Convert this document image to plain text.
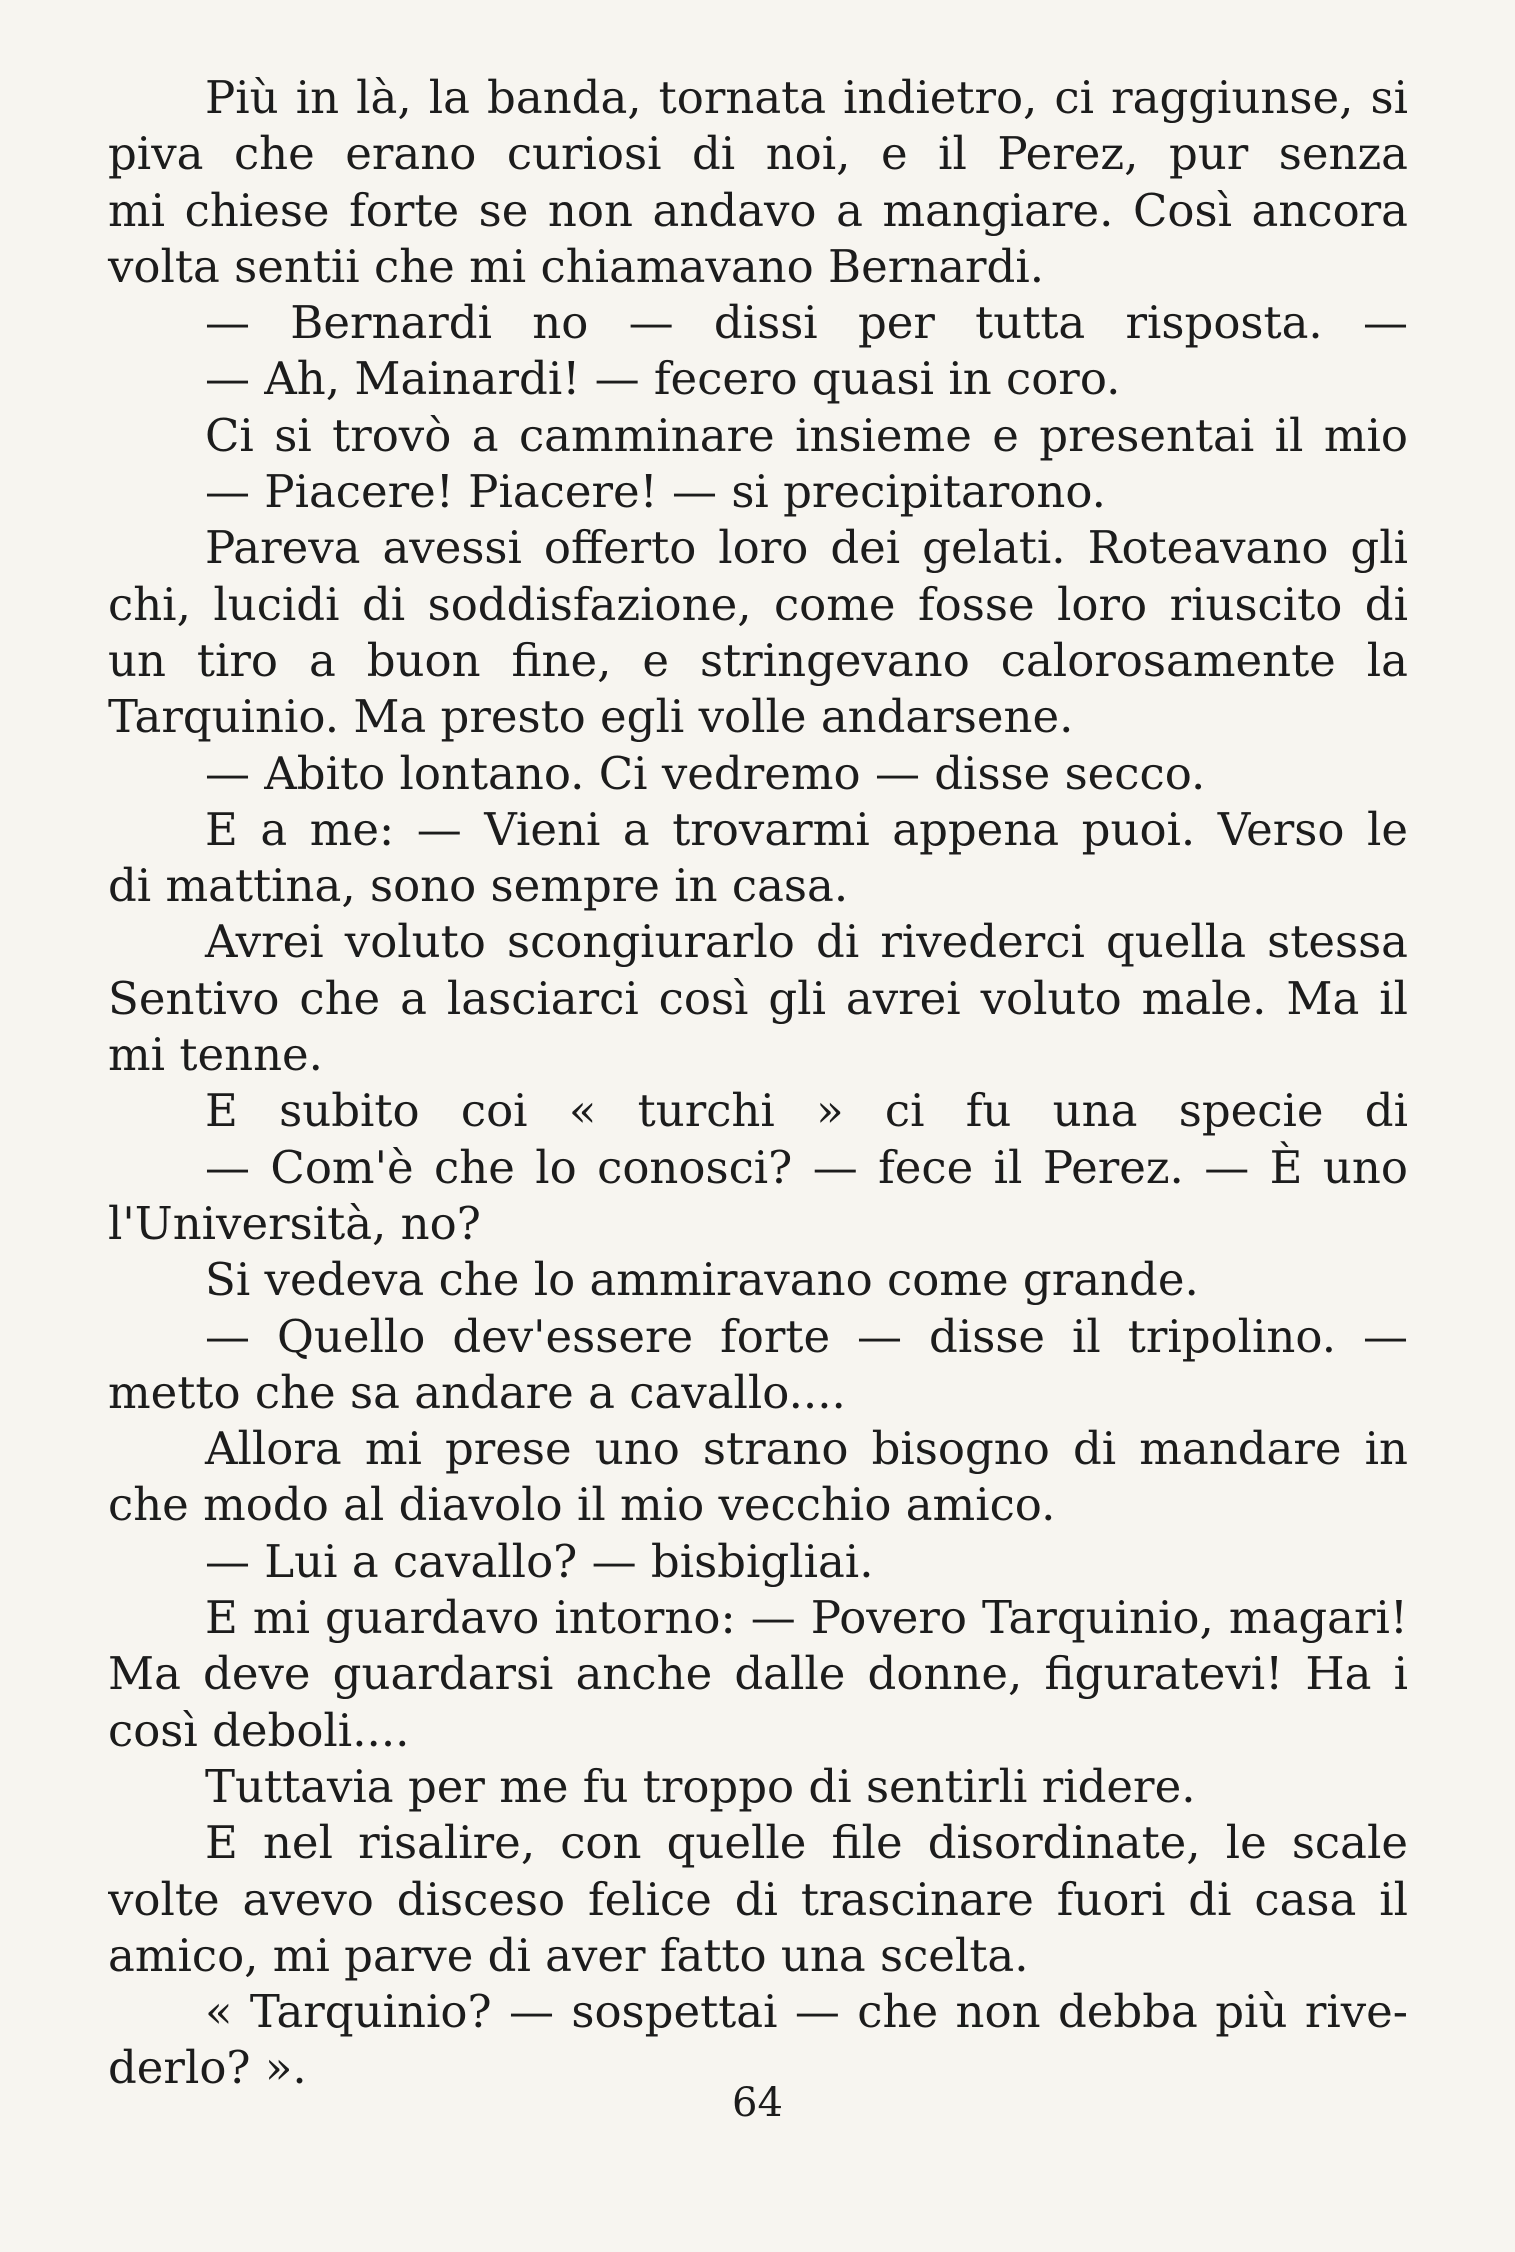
Più in là, la banda, tornata indietro, ci raggiunse, si
piva che erano curiosi di noi, e il Perez, pur senza
mi chiese forte se non andavo a mangiare. Così ancora
volta sentii che mi chiamavano Bernardi.
— Bernardi no — dissi per tutta risposta. —
— Ah, Mainardi! — fecero quasi in coro.
Ci si trovò a camminare insieme e presentai il mio
— Piacere! Piacere! — si precipitarono.
Pareva avessi offerto loro dei gelati. Roteavano gli
chi, lucidi di soddisfazione, come fosse loro riuscito di
un tiro a buon fine, e stringevano calorosamente la
Tarquinio. Ma presto egli volle andarsene.
— Abito lontano. Ci vedremo — disse secco.
E a me: — Vieni a trovarmi appena puoi. Verso le
di mattina, sono sempre in casa.
Avrei voluto scongiurarlo di rivederci quella stessa
Sentivo che a lasciarci così gli avrei voluto male. Ma il
mi tenne.
E subito coi « turchi » ci fu una specie di
— Com'è che lo conosci? — fece il Perez. — È uno
l'Università, no?
Si vedeva che lo ammiravano come grande.
— Quello dev'essere forte — disse il tripolino. —
metto che sa andare a cavallo....
Allora mi prese uno strano bisogno di mandare in
che modo al diavolo il mio vecchio amico.
— Lui a cavallo? — bisbigliai.
E mi guardavo intorno: — Povero Tarquinio, magari!
Ma deve guardarsi anche dalle donne, figuratevi! Ha i
così deboli....
Tuttavia per me fu troppo di sentirli ridere.
E nel risalire, con quelle file disordinate, le scale
volte avevo disceso felice di trascinare fuori di casa il
amico, mi parve di aver fatto una scelta.
« Tarquinio? — sospettai — che non debba più rive-
derlo? ».
64
